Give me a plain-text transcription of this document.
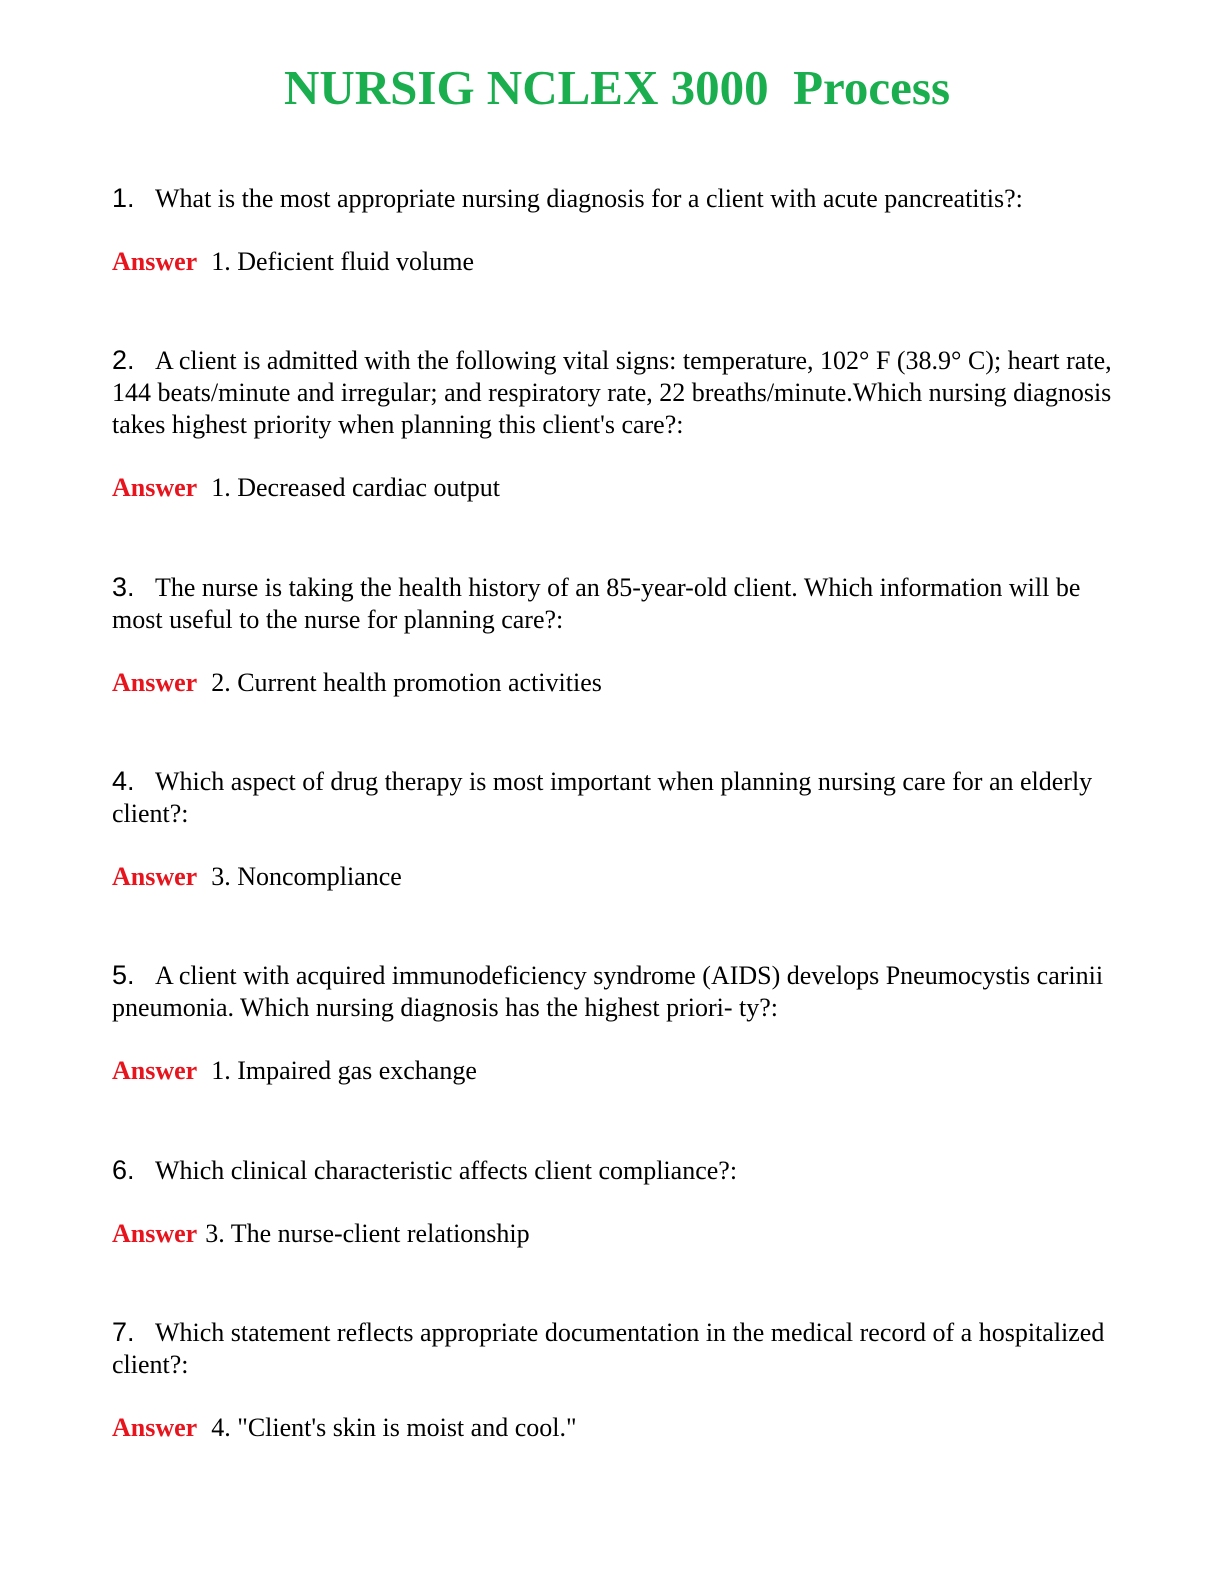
NURSIG NCLEX 3000  Process

1. What is the most appropriate nursing diagnosis for a client with acute pancreatitis?:

Answer 1. Deficient fluid volume

2. A client is admitted with the following vital signs: temperature, 102° F (38.9° C); heart rate, 144 beats/minute and irregular; and respiratory rate, 22 breaths/minute.Which nursing diagnosis takes highest priority when planning this client's care?:

Answer 1. Decreased cardiac output

3. The nurse is taking the health history of an 85-year-old client. Which information will be most useful to the nurse for planning care?:

Answer 2. Current health promotion activities

4. Which aspect of drug therapy is most important when planning nursing care for an elderly client?:

Answer 3. Noncompliance

5. A client with acquired immunodeficiency syndrome (AIDS) develops Pneumocystis carinii pneumonia. Which nursing diagnosis has the highest priori- ty?:

Answer 1. Impaired gas exchange

6. Which clinical characteristic affects client compliance?:

Answer 3. The nurse-client relationship

7. Which statement reflects appropriate documentation in the medical record of a hospitalized client?:

Answer 4. "Client's skin is moist and cool."
